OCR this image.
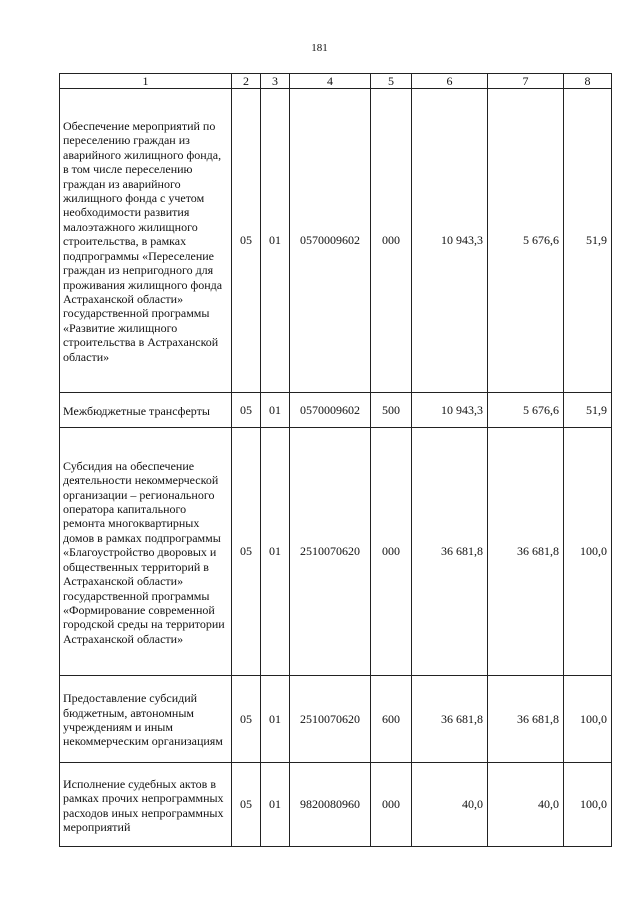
181
1	2	3	4	5	6	7	8
Обеспечение мероприятий по переселению граждан из аварийного жилищного фонда, в том числе переселению граждан из аварийного жилищного фонда с учетом необходимости развития малоэтажного жилищного строительства, в рамках подпрограммы «Переселение граждан из непригодного для проживания жилищного фонда Астраханской области» государственной программы «Развитие жилищного строительства в Астраханской области»	05	01	0570009602	000	10 943,3	5 676,6	51,9
Межбюджетные трансферты	05	01	0570009602	500	10 943,3	5 676,6	51,9
Субсидия на обеспечение деятельности некоммерческой организации – регионального оператора капитального ремонта многоквартирных домов в рамках подпрограммы «Благоустройство дворовых и общественных территорий в Астраханской области» государственной программы «Формирование современной городской среды на территории Астраханской области»	05	01	2510070620	000	36 681,8	36 681,8	100,0
Предоставление субсидий бюджетным, автономным учреждениям и иным некоммерческим организациям	05	01	2510070620	600	36 681,8	36 681,8	100,0
Исполнение судебных актов в рамках прочих непрограммных расходов иных непрограммных мероприятий	05	01	9820080960	000	40,0	40,0	100,0
